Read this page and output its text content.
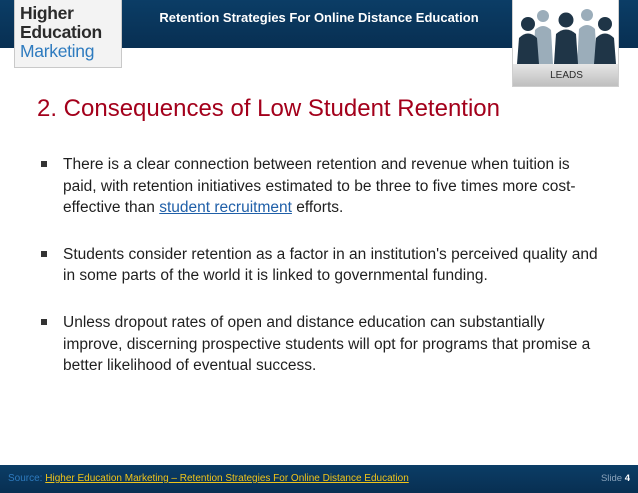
Retention Strategies For Online Distance Education
Higher
Education
Marketing
LEADS
2. Consequences of Low Student Retention
There is a clear connection between retention and revenue when tuition is paid, with retention initiatives estimated to be three to five times more cost-effective than student recruitment efforts.
Students consider retention as a factor in an institution's perceived quality and in some parts of the world it is linked to governmental funding.
Unless dropout rates of open and distance education can substantially improve, discerning prospective students will opt for programs that promise a better likelihood of eventual success.
Source: Higher Education Marketing – Retention Strategies For Online Distance Education	Slide 4
